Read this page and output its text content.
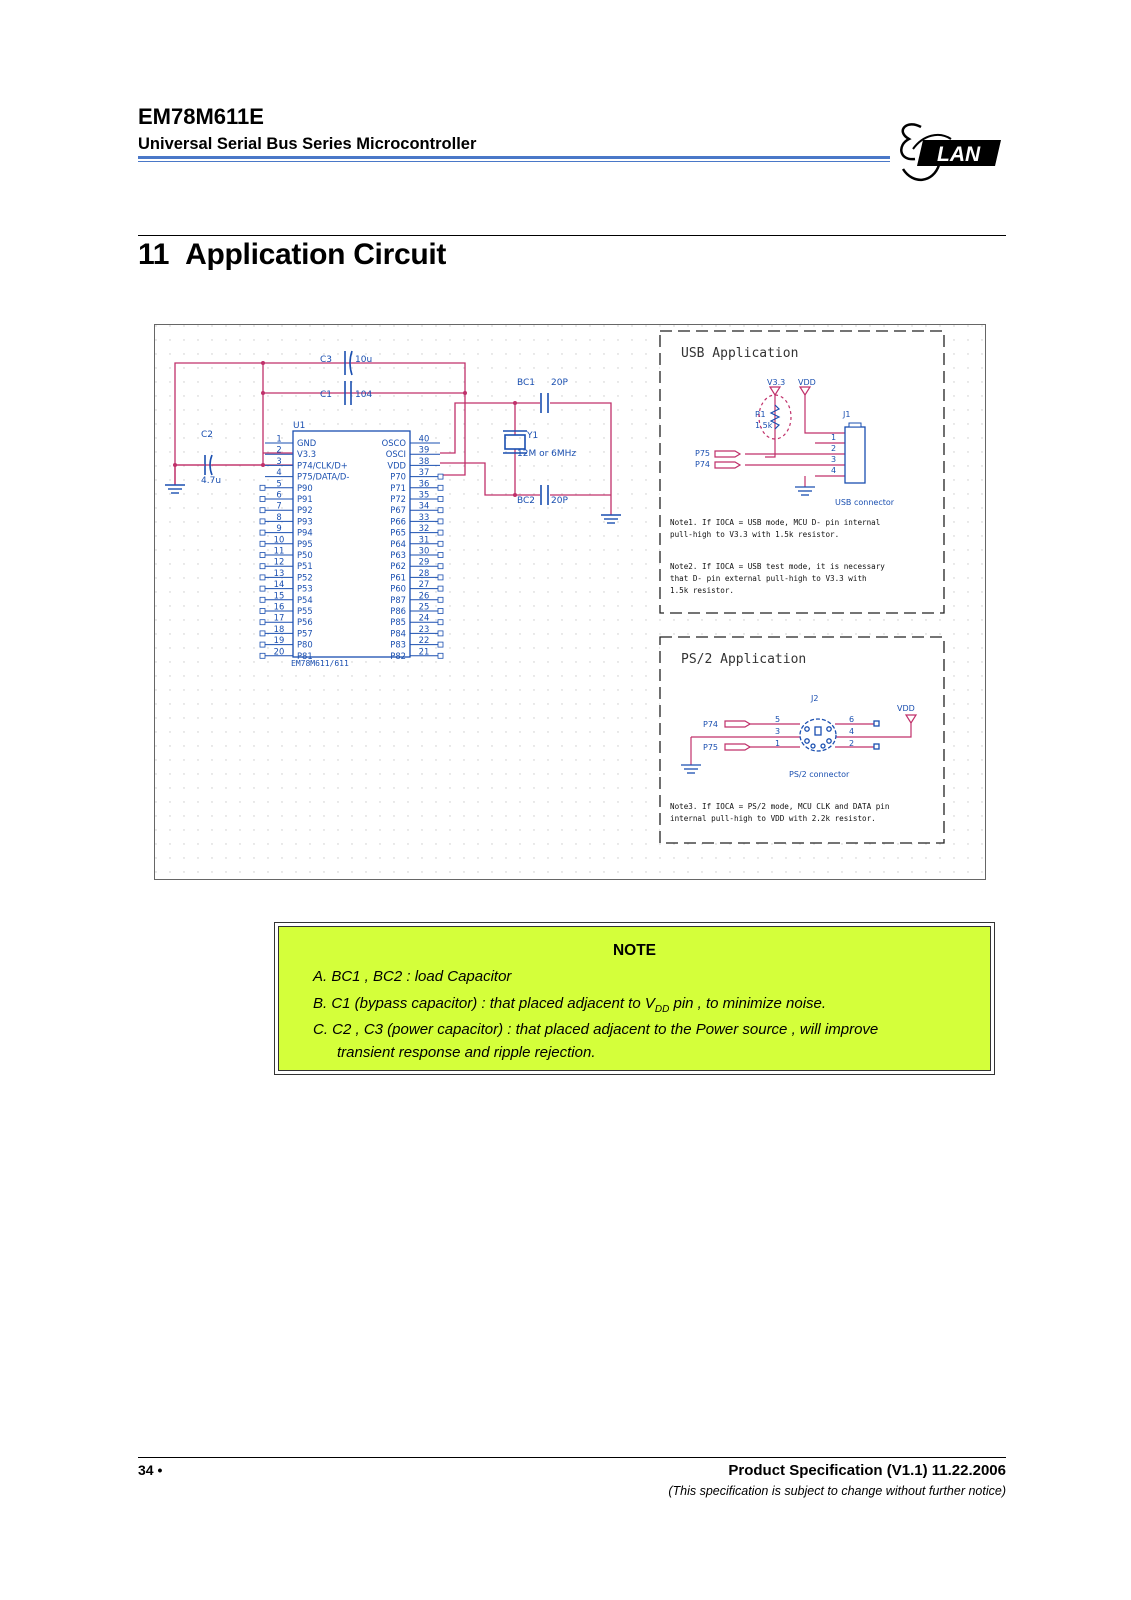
EM78M611E
Universal Serial Bus Series Microcontroller	LAN
11 Application Circuit
C3	10u
C1	104
C2
4.7u
BC1 20P
BC2 20P
Y1
12M or 6MHz
U1
1 GND
2 V3.3
3 P74/CLK/D+
4 P75/DATA/D-
5 P90
6 P91
7 P92
8 P93
9 P94
10 P95
11 P50
12 P51
13 P52
14 P53
15 P54
16 P55
17 P56
18 P57
19 P80
20 P81
40
OSCO
39
OSCI
38
VDD
37
P70
36
P71
35
P72
34
P67
33
P66
32
P65
31
P64
30
P63
29
P62
28
P61
27
P60
26
P87
25
P86
24
P85
23
P84
22
P83
21
P82
EM78M611/611
USB Application
V3.3 VDD
R1
1.5k
J1
P75
P74
1
2
3
4
USB connector
Note1. If IOCA = USB mode, MCU D- pin internal
pull-high to V3.3 with 1.5k resistor.
Note2. If IOCA = USB test mode, it is necessary
that D- pin external pull-high to V3.3 with
1.5k resistor.
PS/2 Application
J2
VDD
P74
P75
5
3
1
6
4
2
PS/2 connector
Note3. If IOCA = PS/2 mode, MCU CLK and DATA pin
internal pull-high to VDD with 2.2k resistor.
NOTE
A. BC1 , BC2 : load Capacitor
B. C1 (bypass capacitor) : that placed adjacent to $V_{DD}$ pin , to minimize noise.
C. C2 , C3 (power capacitor) : that placed adjacent to the Power source , will improve
transient response and ripple rejection.
34 •	Product Specification (V1.1) 11.22.2006
(This specification is subject to change without further notice)
